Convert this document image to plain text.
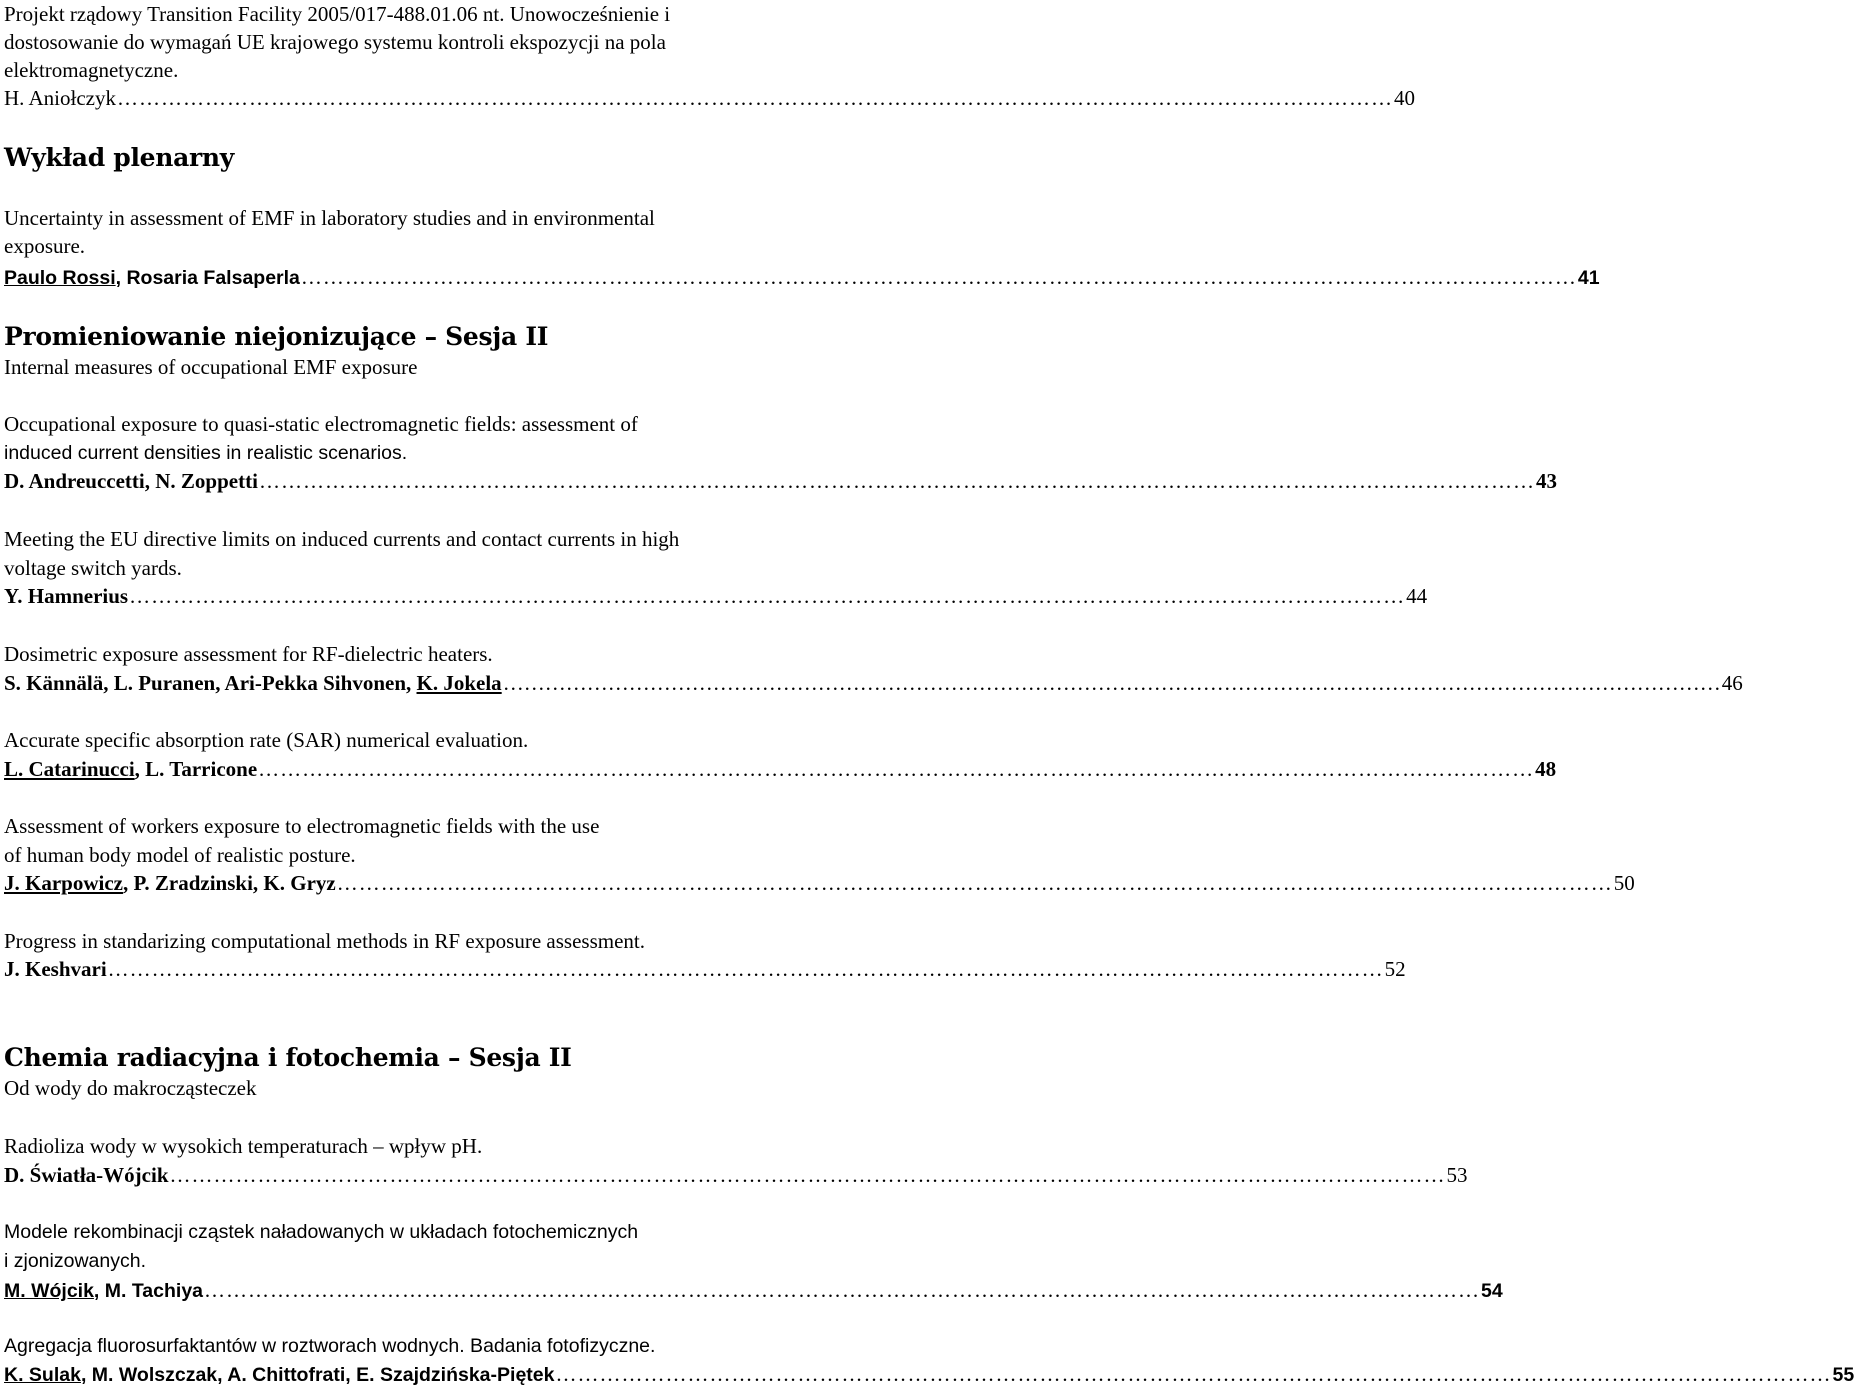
Projekt rządowy Transition Facility 2005/017-488.01.06 nt. Unowocześnienie i
dostosowanie do wymagań UE krajowego systemu kontroli ekspozycji na pola
elektromagnetyczne.
H. Aniołczyk ………………………………………………………………………………………………………………………………………………………… 40
Wykład plenarny
Uncertainty in assessment of EMF in laboratory studies and in environmental
exposure.
Paulo Rossi, Rosaria Falsaperla ………………………………………………………………………………………………………………………………………………………… 41
Promieniowanie niejonizujące – Sesja II
Internal measures of occupational EMF exposure
Occupational exposure to quasi-static electromagnetic fields: assessment of
induced current densities in realistic scenarios.
D. Andreuccetti, N. Zoppetti ………………………………………………………………………………………………………………………………………………………… 43
Meeting the EU directive limits on induced currents and contact currents in high
voltage switch yards.
Y. Hamnerius ………………………………………………………………………………………………………………………………………………………… 44
Dosimetric exposure assessment for RF-dielectric heaters.
S. Kännälä, L. Puranen, Ari-Pekka Sihvonen, K. Jokela ………………………………………………………………………………………………………………………………………………………… 46
Accurate specific absorption rate (SAR) numerical evaluation.
L. Catarinucci, L. Tarricone ………………………………………………………………………………………………………………………………………………………… 48
Assessment of workers exposure to electromagnetic fields with the use
of human body model of realistic posture.
J. Karpowicz, P. Zradzinski, K. Gryz ………………………………………………………………………………………………………………………………………………………… 50
Progress in standarizing computational methods in RF exposure assessment.
J. Keshvari ………………………………………………………………………………………………………………………………………………………… 52
Chemia radiacyjna i fotochemia – Sesja II
Od wody do makrocząsteczek
Radioliza wody w wysokich temperaturach – wpływ pH.
D. Światła-Wójcik ………………………………………………………………………………………………………………………………………………………… 53
Modele rekombinacji cząstek naładowanych w układach fotochemicznych
i zjonizowanych.
M. Wójcik, M. Tachiya ………………………………………………………………………………………………………………………………………………………… 54
Agregacja fluorosurfaktantów w roztworach wodnych. Badania fotofizyczne.
K. Sulak, M. Wolszczak, A. Chittofrati, E. Szajdzińska-Piętek ………………………………………………………………………………………………………………………………………………………… 55
